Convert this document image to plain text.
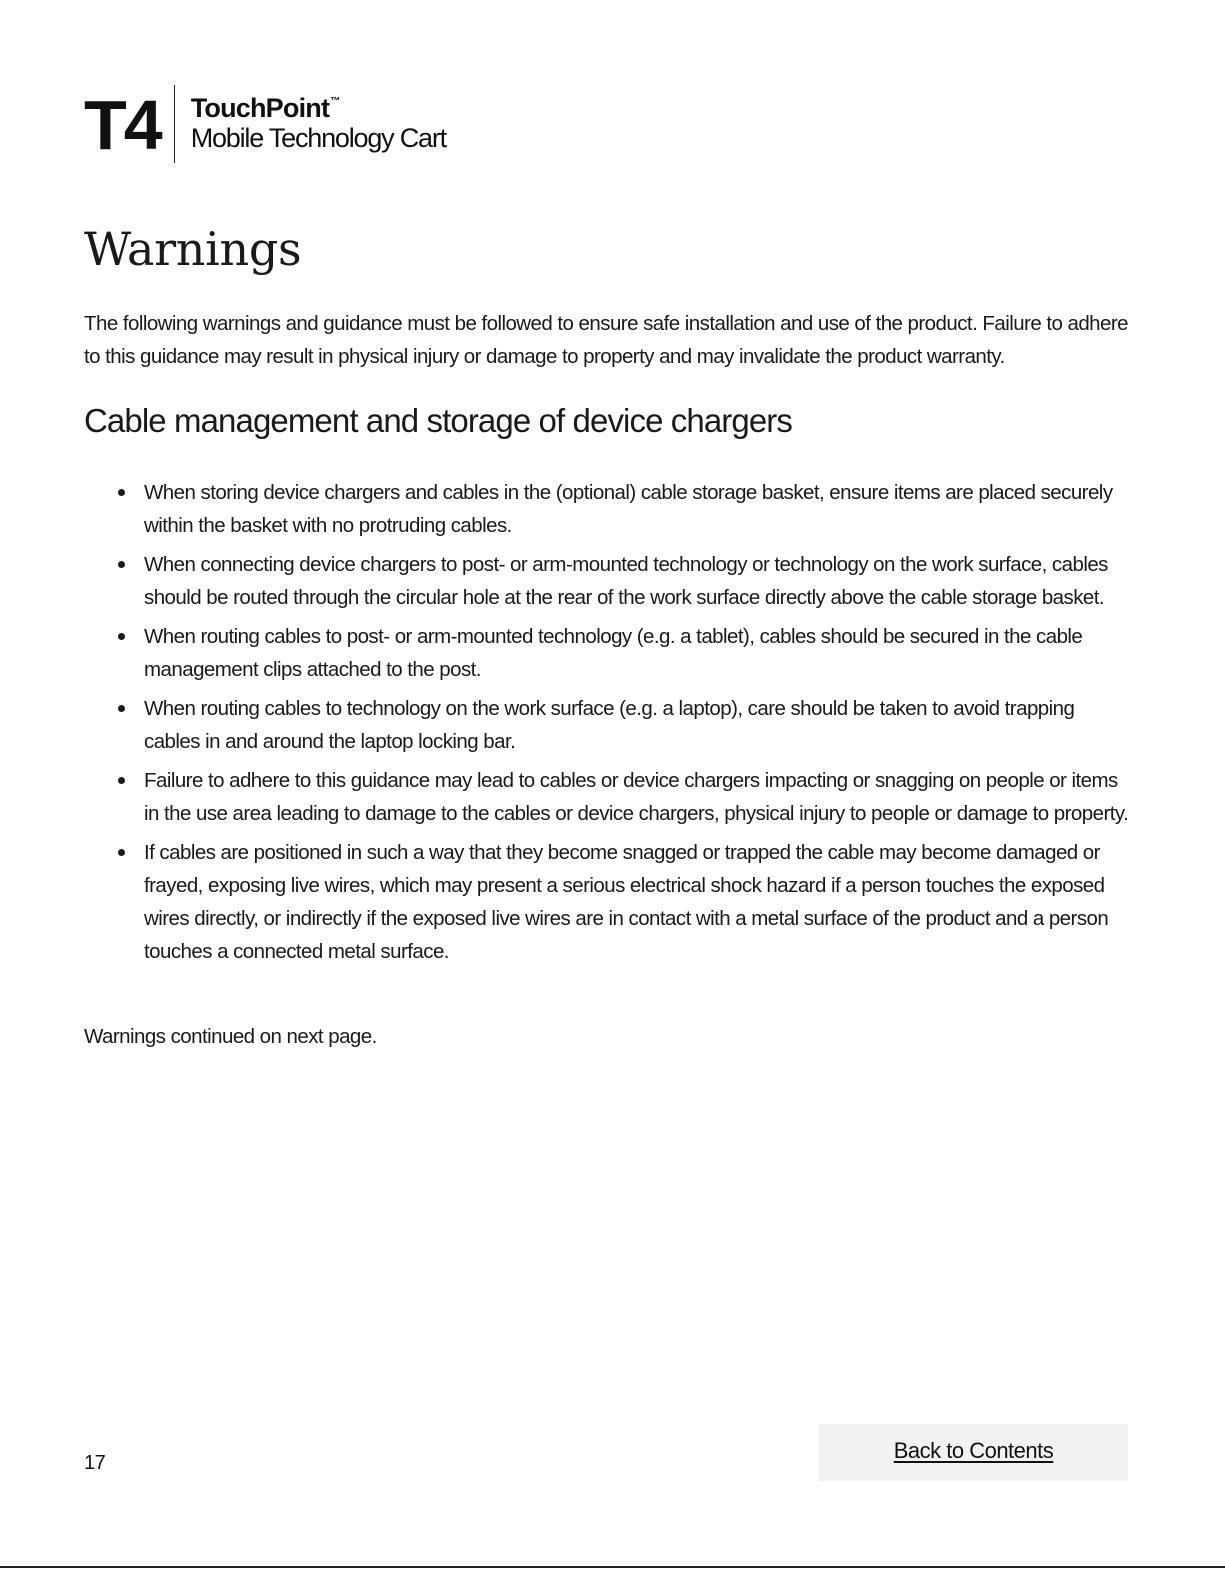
T4 TouchPoint™
Mobile Technology Cart
Warnings

The following warnings and guidance must be followed to ensure safe installation and use of the product. Failure to adhere to this guidance may result in physical injury or damage to property and may invalidate the product warranty.

Cable management and storage of device chargers
When storing device chargers and cables in the (optional) cable storage basket, ensure items are placed securely within the basket with no protruding cables.
When connecting device chargers to post- or arm-mounted technology or technology on the work surface, cables should be routed through the circular hole at the rear of the work surface directly above the cable storage basket.
When routing cables to post- or arm-mounted technology (e.g. a tablet), cables should be secured in the cable management clips attached to the post.
When routing cables to technology on the work surface (e.g. a laptop), care should be taken to avoid trapping cables in and around the laptop locking bar.
Failure to adhere to this guidance may lead to cables or device chargers impacting or snagging on people or items in the use area leading to damage to the cables or device chargers, physical injury to people or damage to property.
If cables are positioned in such a way that they become snagged or trapped the cable may become damaged or frayed, exposing live wires, which may present a serious electrical shock hazard if a person touches the exposed wires directly, or indirectly if the exposed live wires are in contact with a metal surface of the product and a person touches a connected metal surface.

Warnings continued on next page.

17
Back to Contents
